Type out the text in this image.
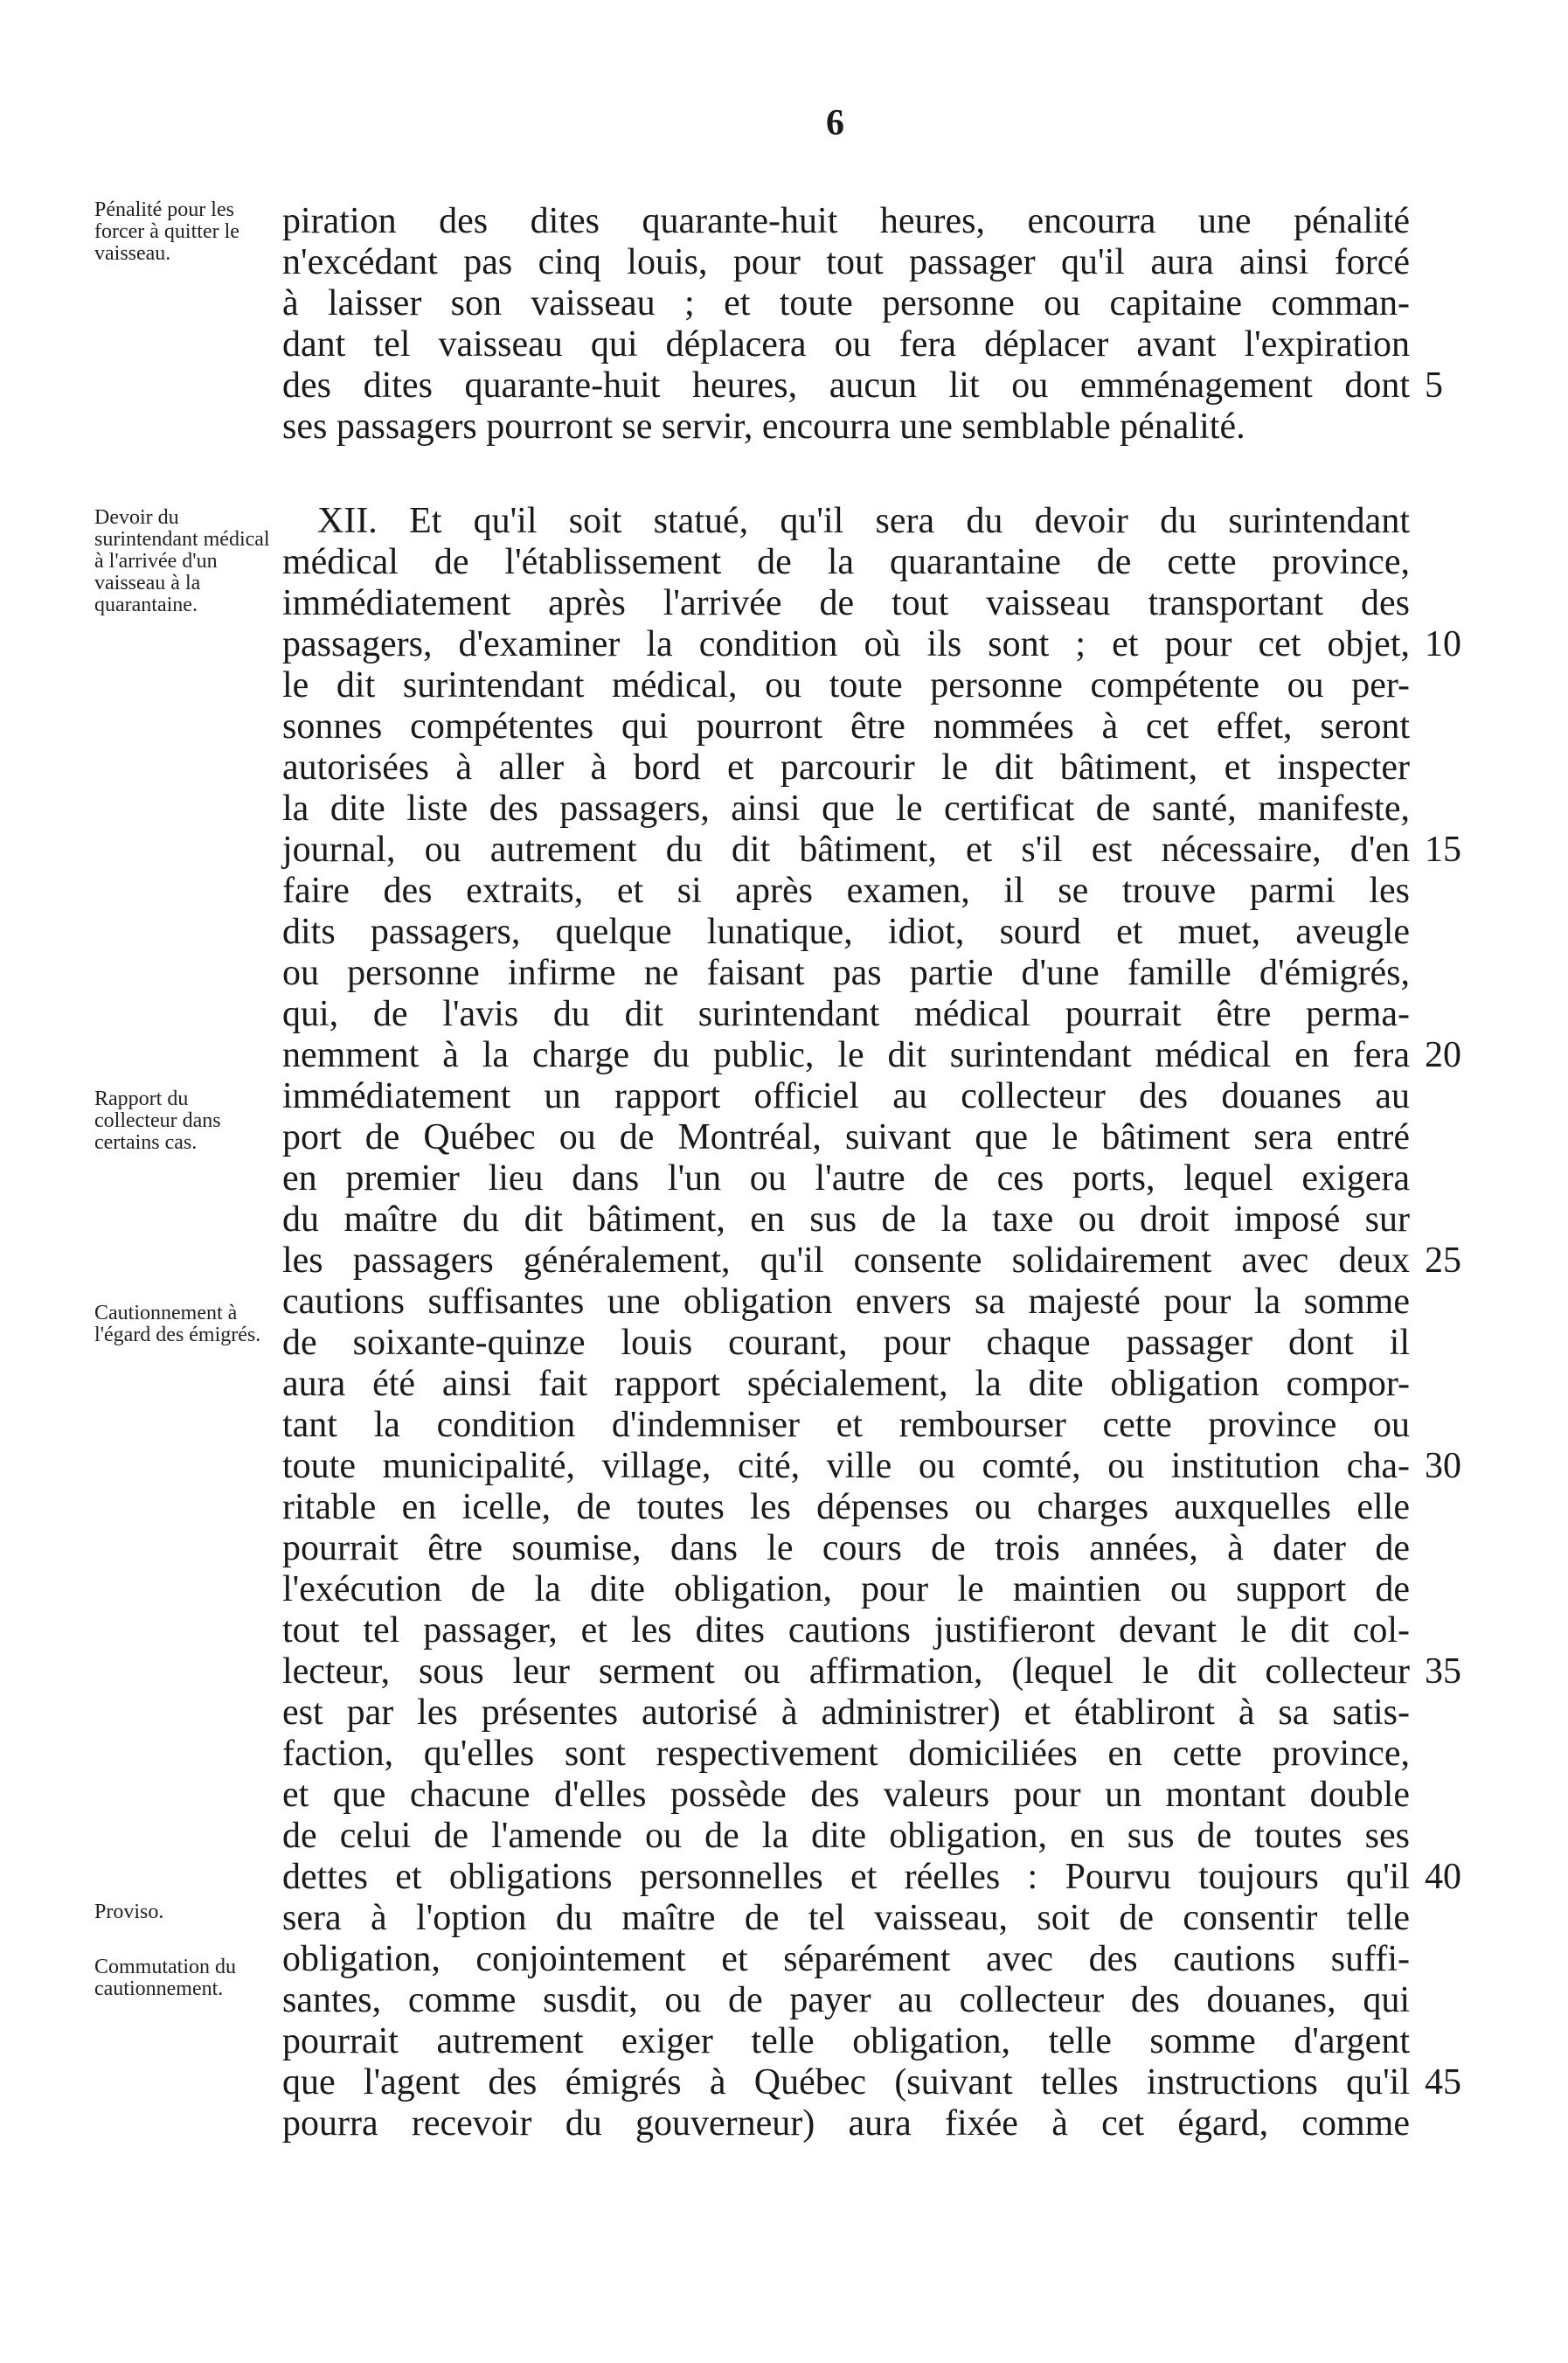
6
Pénalité pour les forcer à quitter le vaisseau.
Devoir du surintendant médical à l'arrivée d'un vaisseau à la quarantaine.
Rapport du collecteur dans certains cas.
Cautionnement à l'égard des émigrés.
Proviso.
Commutation du cautionnement.
piration des dites quarante-huit heures, encourra une pénalité
n'excédant pas cinq louis, pour tout passager qu'il aura ainsi forcé
à laisser son vaisseau ; et toute personne ou capitaine comman-
dant tel vaisseau qui déplacera ou fera déplacer avant l'expiration
des dites quarante-huit heures, aucun lit ou emménagement dont
ses passagers pourront se servir, encourra une semblable pénalité.
XII. Et qu'il soit statué, qu'il sera du devoir du surintendant
médical de l'établissement de la quarantaine de cette province,
immédiatement après l'arrivée de tout vaisseau transportant des
passagers, d'examiner la condition où ils sont ; et pour cet objet,
le dit surintendant médical, ou toute personne compétente ou per-
sonnes compétentes qui pourront être nommées à cet effet, seront
autorisées à aller à bord et parcourir le dit bâtiment, et inspecter
la dite liste des passagers, ainsi que le certificat de santé, manifeste,
journal, ou autrement du dit bâtiment, et s'il est nécessaire, d'en
faire des extraits, et si après examen, il se trouve parmi les
dits passagers, quelque lunatique, idiot, sourd et muet, aveugle
ou personne infirme ne faisant pas partie d'une famille d'émigrés,
qui, de l'avis du dit surintendant médical pourrait être perma-
nemment à la charge du public, le dit surintendant médical en fera
immédiatement un rapport officiel au collecteur des douanes au
port de Québec ou de Montréal, suivant que le bâtiment sera entré
en premier lieu dans l'un ou l'autre de ces ports, lequel exigera
du maître du dit bâtiment, en sus de la taxe ou droit imposé sur
les passagers généralement, qu'il consente solidairement avec deux
cautions suffisantes une obligation envers sa majesté pour la somme
de soixante-quinze louis courant, pour chaque passager dont il
aura été ainsi fait rapport spécialement, la dite obligation compor-
tant la condition d'indemniser et rembourser cette province ou
toute municipalité, village, cité, ville ou comté, ou institution cha-
ritable en icelle, de toutes les dépenses ou charges auxquelles elle
pourrait être soumise, dans le cours de trois années, à dater de
l'exécution de la dite obligation, pour le maintien ou support de
tout tel passager, et les dites cautions justifieront devant le dit col-
lecteur, sous leur serment ou affirmation, (lequel le dit collecteur
est par les présentes autorisé à administrer) et établiront à sa satis-
faction, qu'elles sont respectivement domiciliées en cette province,
et que chacune d'elles possède des valeurs pour un montant double
de celui de l'amende ou de la dite obligation, en sus de toutes ses
dettes et obligations personnelles et réelles : Pourvu toujours qu'il
sera à l'option du maître de tel vaisseau, soit de consentir telle
obligation, conjointement et séparément avec des cautions suffi-
santes, comme susdit, ou de payer au collecteur des douanes, qui
pourrait autrement exiger telle obligation, telle somme d'argent
que l'agent des émigrés à Québec (suivant telles instructions qu'il
pourra recevoir du gouverneur) aura fixée à cet égard, comme
5
10
15
20
25
30
35
40
45
